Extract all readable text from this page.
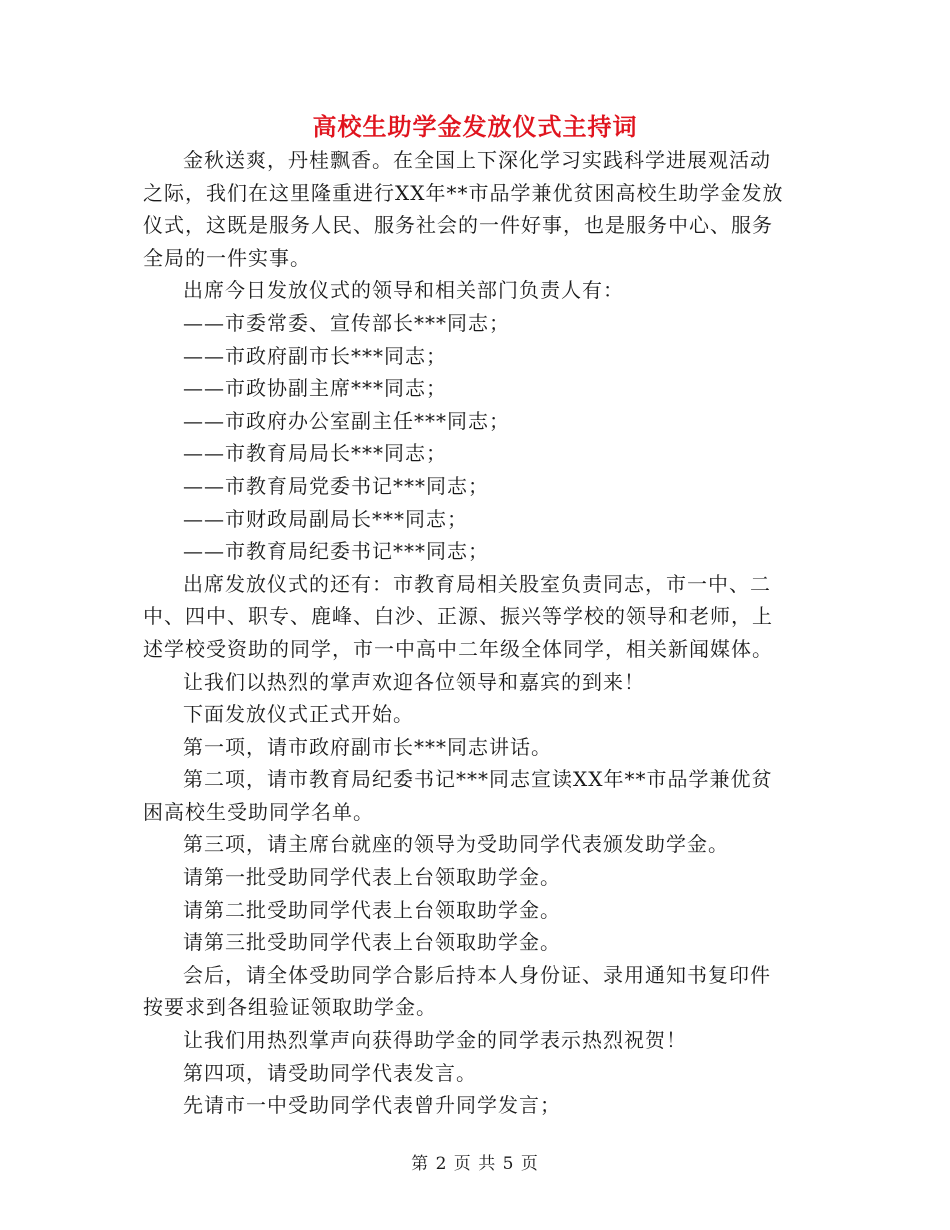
高校生助学金发放仪式主持词
金秋送爽，丹桂飘香。在全国上下深化学习实践科学进展观活动
之际，我们在这里隆重进行XX年**市品学兼优贫困高校生助学金发放
仪式，这既是服务人民、服务社会的一件好事，也是服务中心、服务
全局的一件实事。
出席今日发放仪式的领导和相关部门负责人有：
——市委常委、宣传部长***同志；
——市政府副市长***同志；
——市政协副主席***同志；
——市政府办公室副主任***同志；
——市教育局局长***同志；
——市教育局党委书记***同志；
——市财政局副局长***同志；
——市教育局纪委书记***同志；
出席发放仪式的还有：市教育局相关股室负责同志，市一中、二
中、四中、职专、鹿峰、白沙、正源、振兴等学校的领导和老师，上
述学校受资助的同学，市一中高中二年级全体同学，相关新闻媒体。
让我们以热烈的掌声欢迎各位领导和嘉宾的到来！
下面发放仪式正式开始。
第一项，请市政府副市长***同志讲话。
第二项，请市教育局纪委书记***同志宣读XX年**市品学兼优贫
困高校生受助同学名单。
第三项，请主席台就座的领导为受助同学代表颁发助学金。
请第一批受助同学代表上台领取助学金。
请第二批受助同学代表上台领取助学金。
请第三批受助同学代表上台领取助学金。
会后，请全体受助同学合影后持本人身份证、录用通知书复印件
按要求到各组验证领取助学金。
让我们用热烈掌声向获得助学金的同学表示热烈祝贺！
第四项，请受助同学代表发言。
先请市一中受助同学代表曾升同学发言；
第 2 页 共 5 页
